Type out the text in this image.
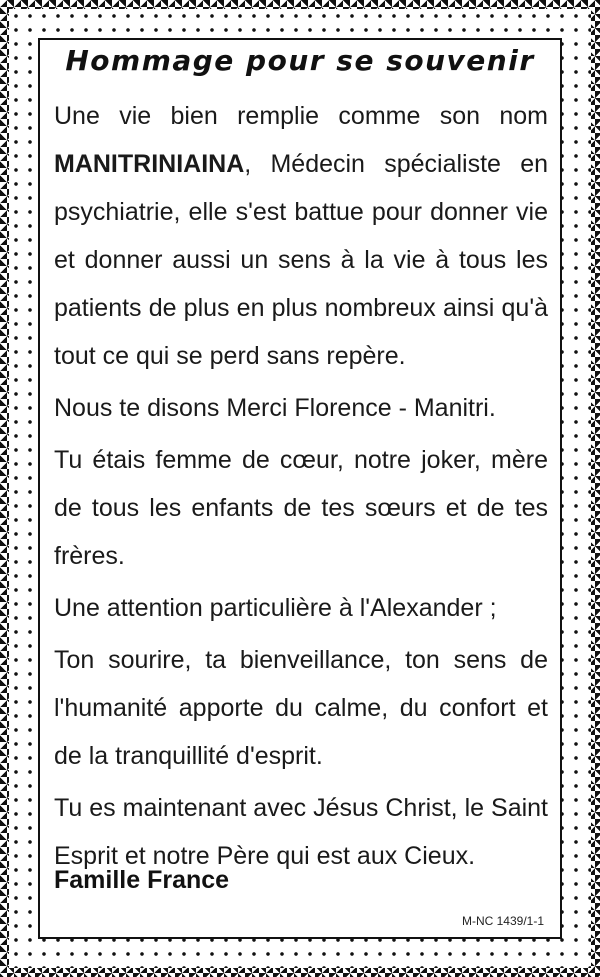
Hommage pour se souvenir

Une vie bien remplie comme son nom MANITRINIAINA, Médecin spécialiste en psychiatrie, elle s'est battue pour donner vie et donner aussi un sens à la vie à tous les patients de plus en plus nombreux ainsi qu'à tout ce qui se perd sans repère.

Nous te disons Merci Florence - Manitri.

Tu étais femme de cœur, notre joker, mère de tous les enfants de tes sœurs et de tes frères.

Une attention particulière à l'Alexander ;

Ton sourire, ta bienveillance, ton sens de l'humanité apporte du calme, du confort et de la tranquillité d'esprit.

Tu es maintenant avec Jésus Christ, le Saint Esprit et notre Père qui est aux Cieux.

Famille France
M-NC 1439/1-1
